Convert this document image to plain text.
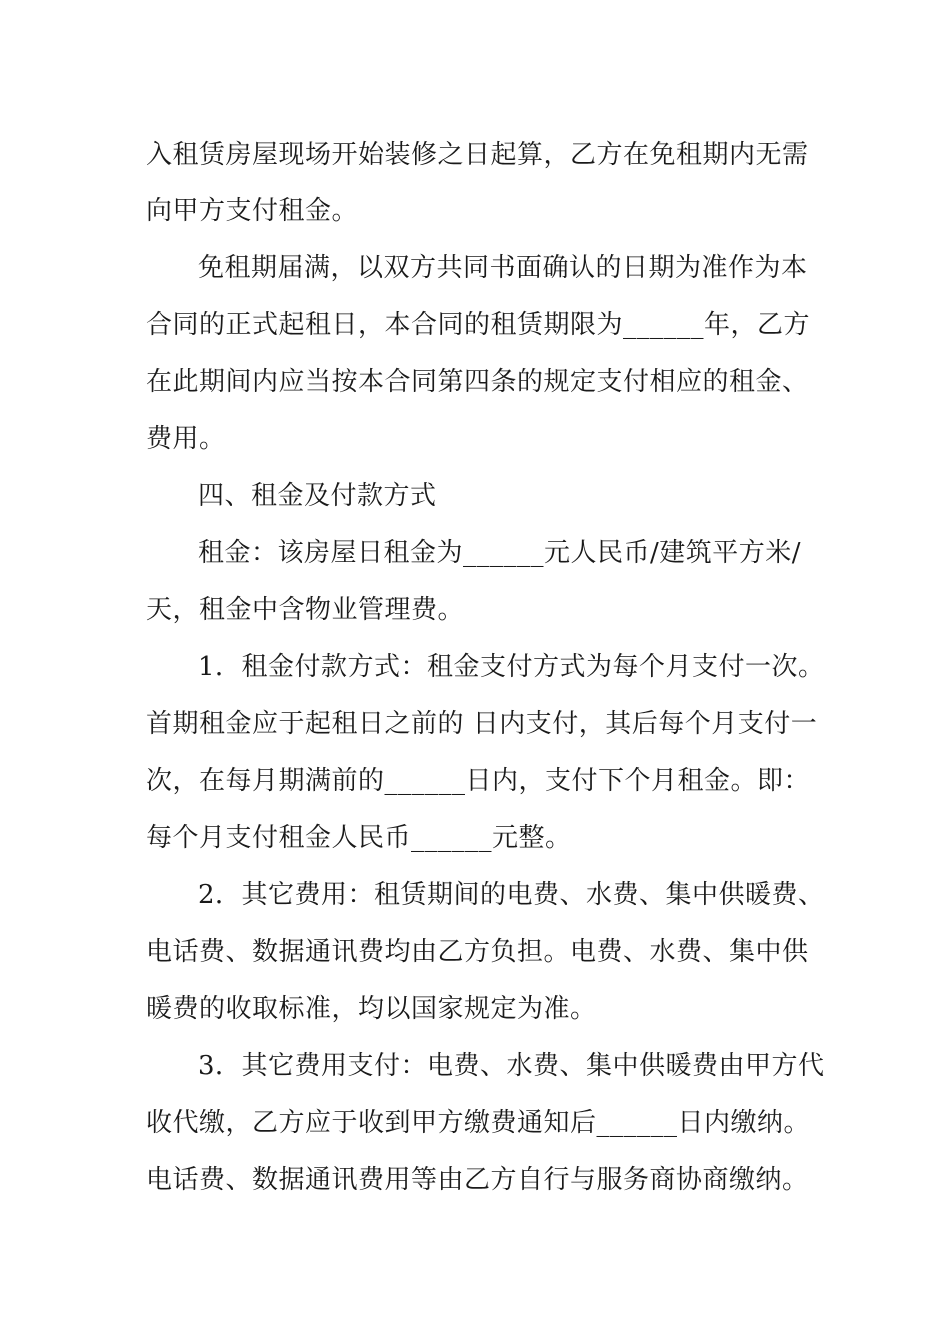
入租赁房屋现场开始装修之日起算，乙方在免租期内无需
向甲方支付租金。
免租期届满，以双方共同书面确认的日期为准作为本
合同的正式起租日，本合同的租赁期限为______年，乙方
在此期间内应当按本合同第四条的规定支付相应的租金、
费用。
四、租金及付款方式
租金：该房屋日租金为______元人民币/建筑平方米/
天，租金中含物业管理费。
1．租金付款方式：租金支付方式为每个月支付一次。
首期租金应于起租日之前的 日内支付，其后每个月支付一
次，在每月期满前的______日内，支付下个月租金。即：
每个月支付租金人民币______元整。
2．其它费用：租赁期间的电费、水费、集中供暖费、
电话费、数据通讯费均由乙方负担。电费、水费、集中供
暖费的收取标准，均以国家规定为准。
3．其它费用支付：电费、水费、集中供暖费由甲方代
收代缴，乙方应于收到甲方缴费通知后______日内缴纳。
电话费、数据通讯费用等由乙方自行与服务商协商缴纳。
